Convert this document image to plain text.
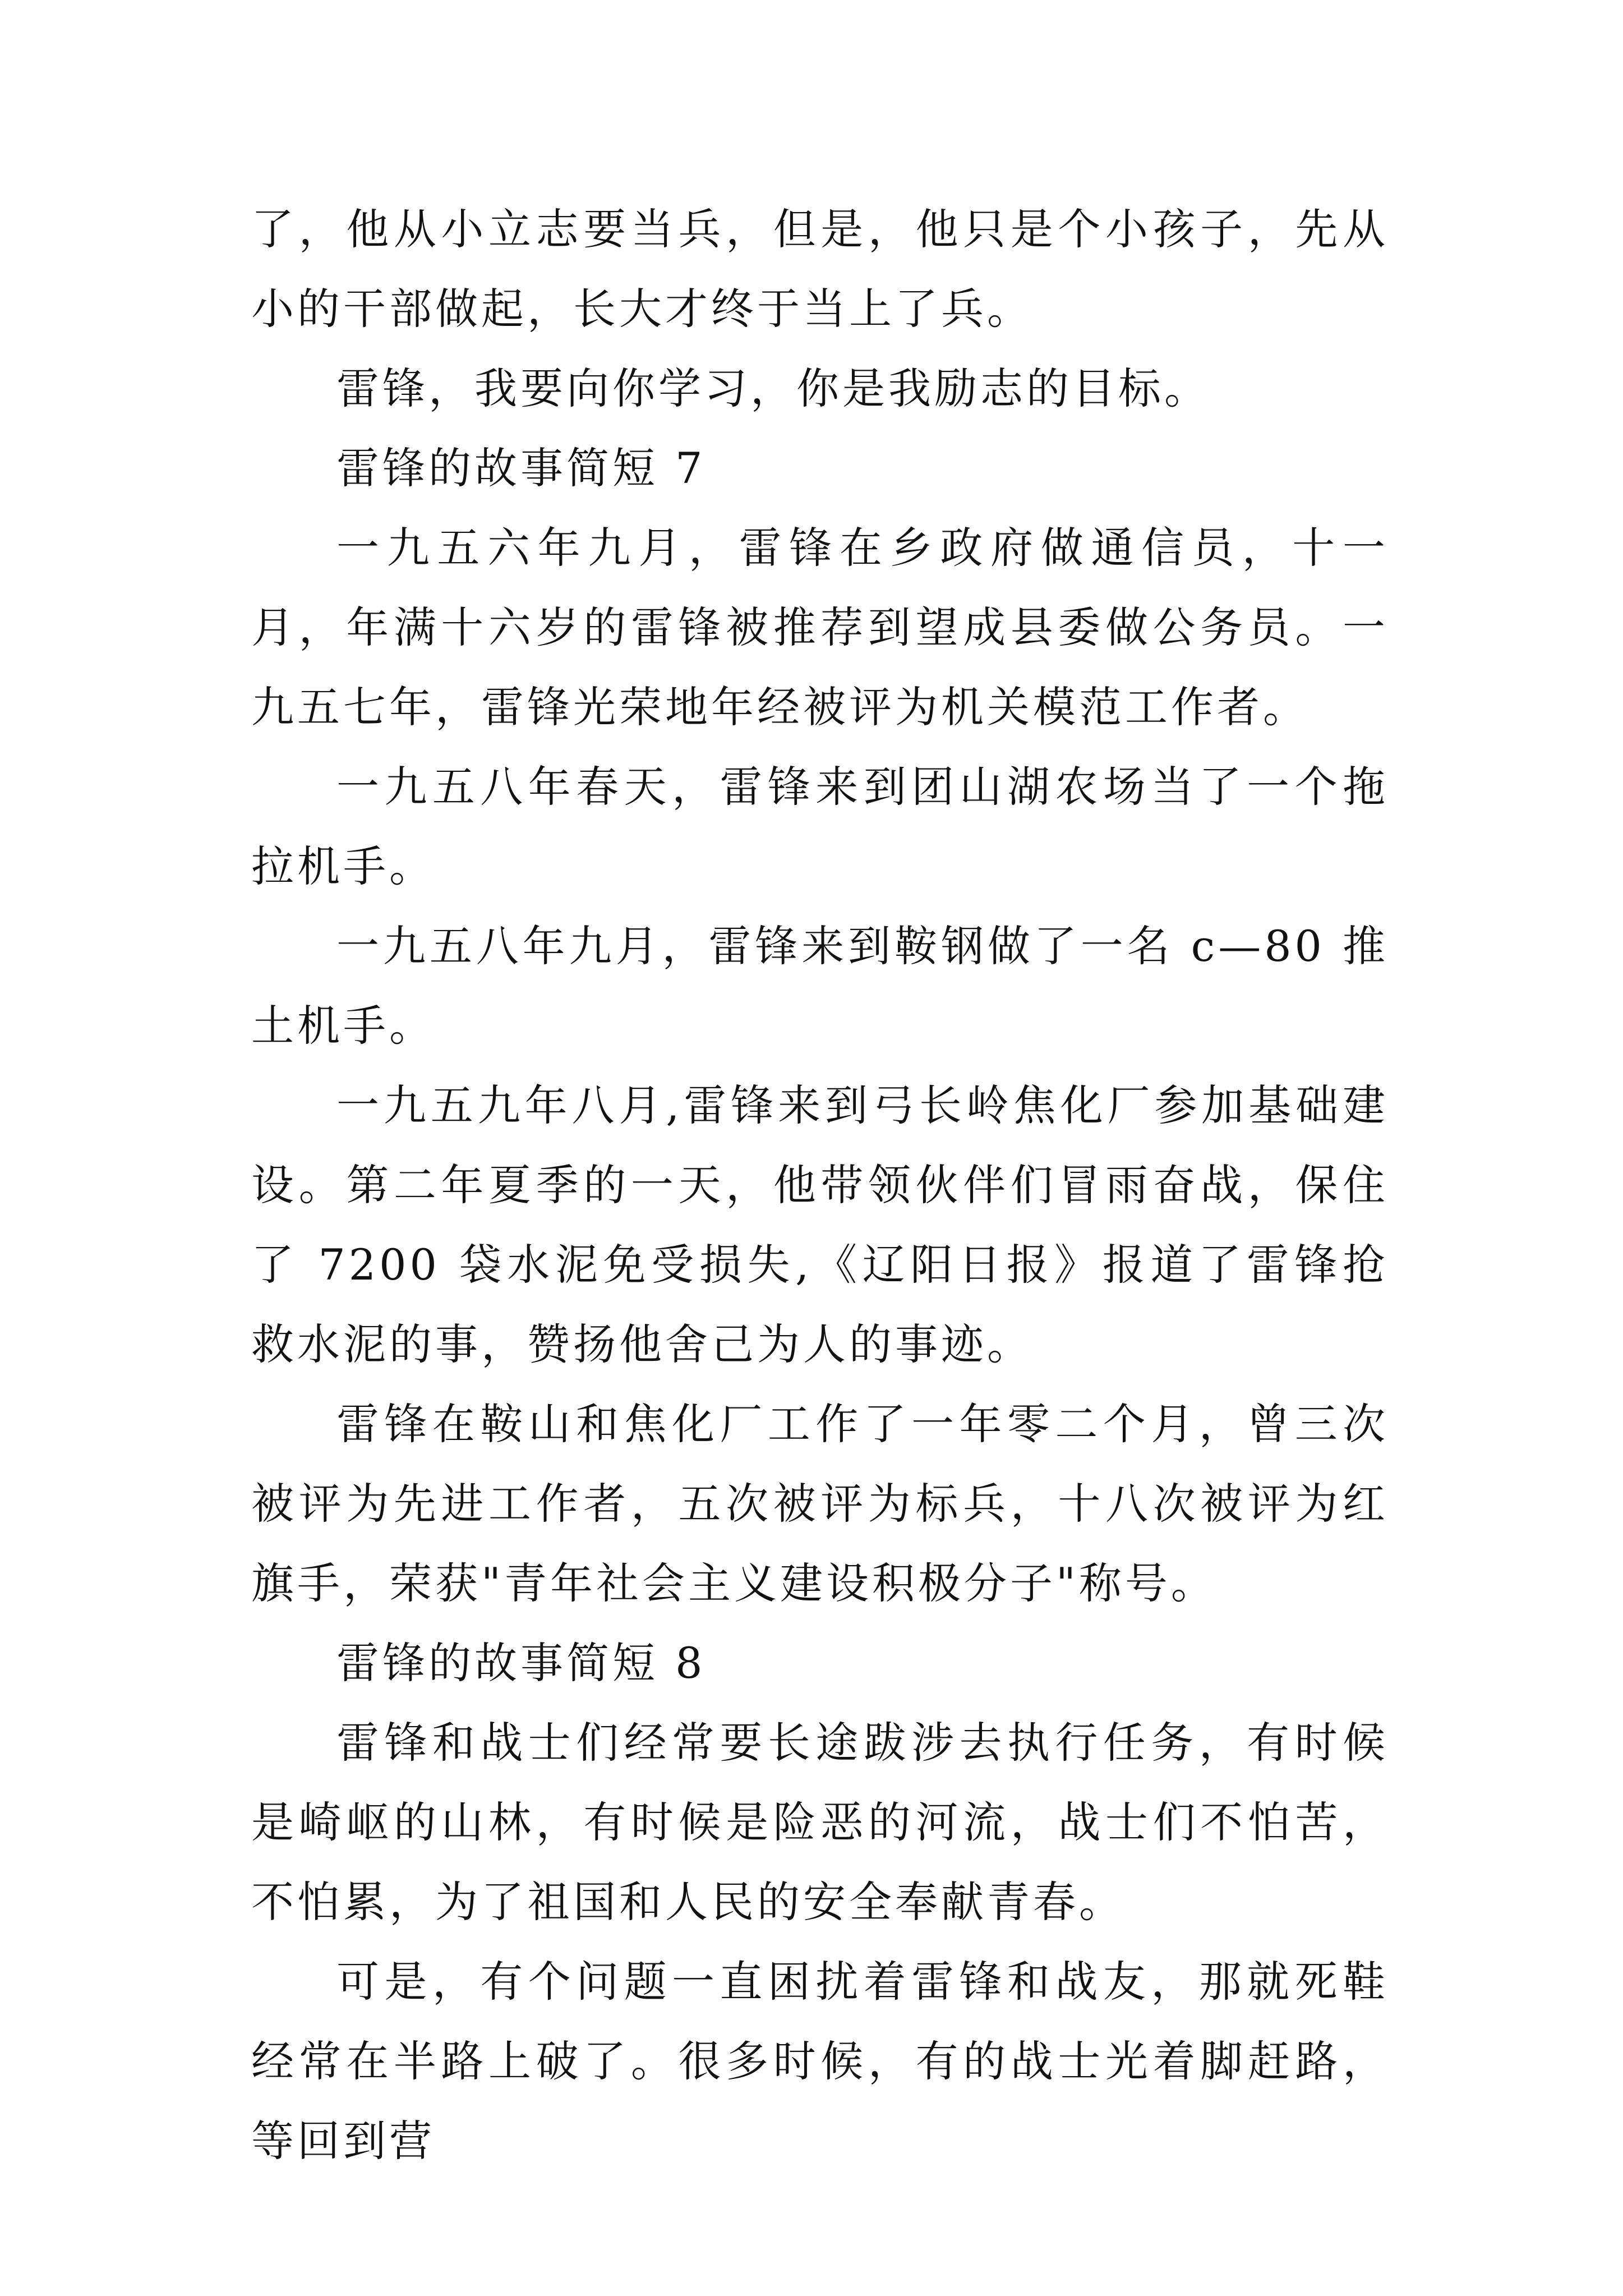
了，他从小立志要当兵，但是，他只是个小孩子，先从小的干部做起，长大才终于当上了兵。

雷锋，我要向你学习，你是我励志的目标。

雷锋的故事简短 7

一九五六年九月，雷锋在乡政府做通信员，十一月，年满十六岁的雷锋被推荐到望成县委做公务员。一九五七年，雷锋光荣地年经被评为机关模范工作者。

一九五八年春天，雷锋来到团山湖农场当了一个拖拉机手。

一九五八年九月，雷锋来到鞍钢做了一名 c—80 推土机手。

一九五九年八月,雷锋来到弓长岭焦化厂参加基础建设。第二年夏季的一天，他带领伙伴们冒雨奋战，保住了 7200 袋水泥免受损失,《辽阳日报》报道了雷锋抢救水泥的事，赞扬他舍己为人的事迹。

雷锋在鞍山和焦化厂工作了一年零二个月，曾三次被评为先进工作者，五次被评为标兵，十八次被评为红旗手，荣获"青年社会主义建设积极分子"称号。

雷锋的故事简短 8

雷锋和战士们经常要长途跋涉去执行任务，有时候是崎岖的山林，有时候是险恶的河流，战士们不怕苦，不怕累，为了祖国和人民的安全奉献青春。

可是，有个问题一直困扰着雷锋和战友，那就死鞋经常在半路上破了。很多时候，有的战士光着脚赶路，等回到营
